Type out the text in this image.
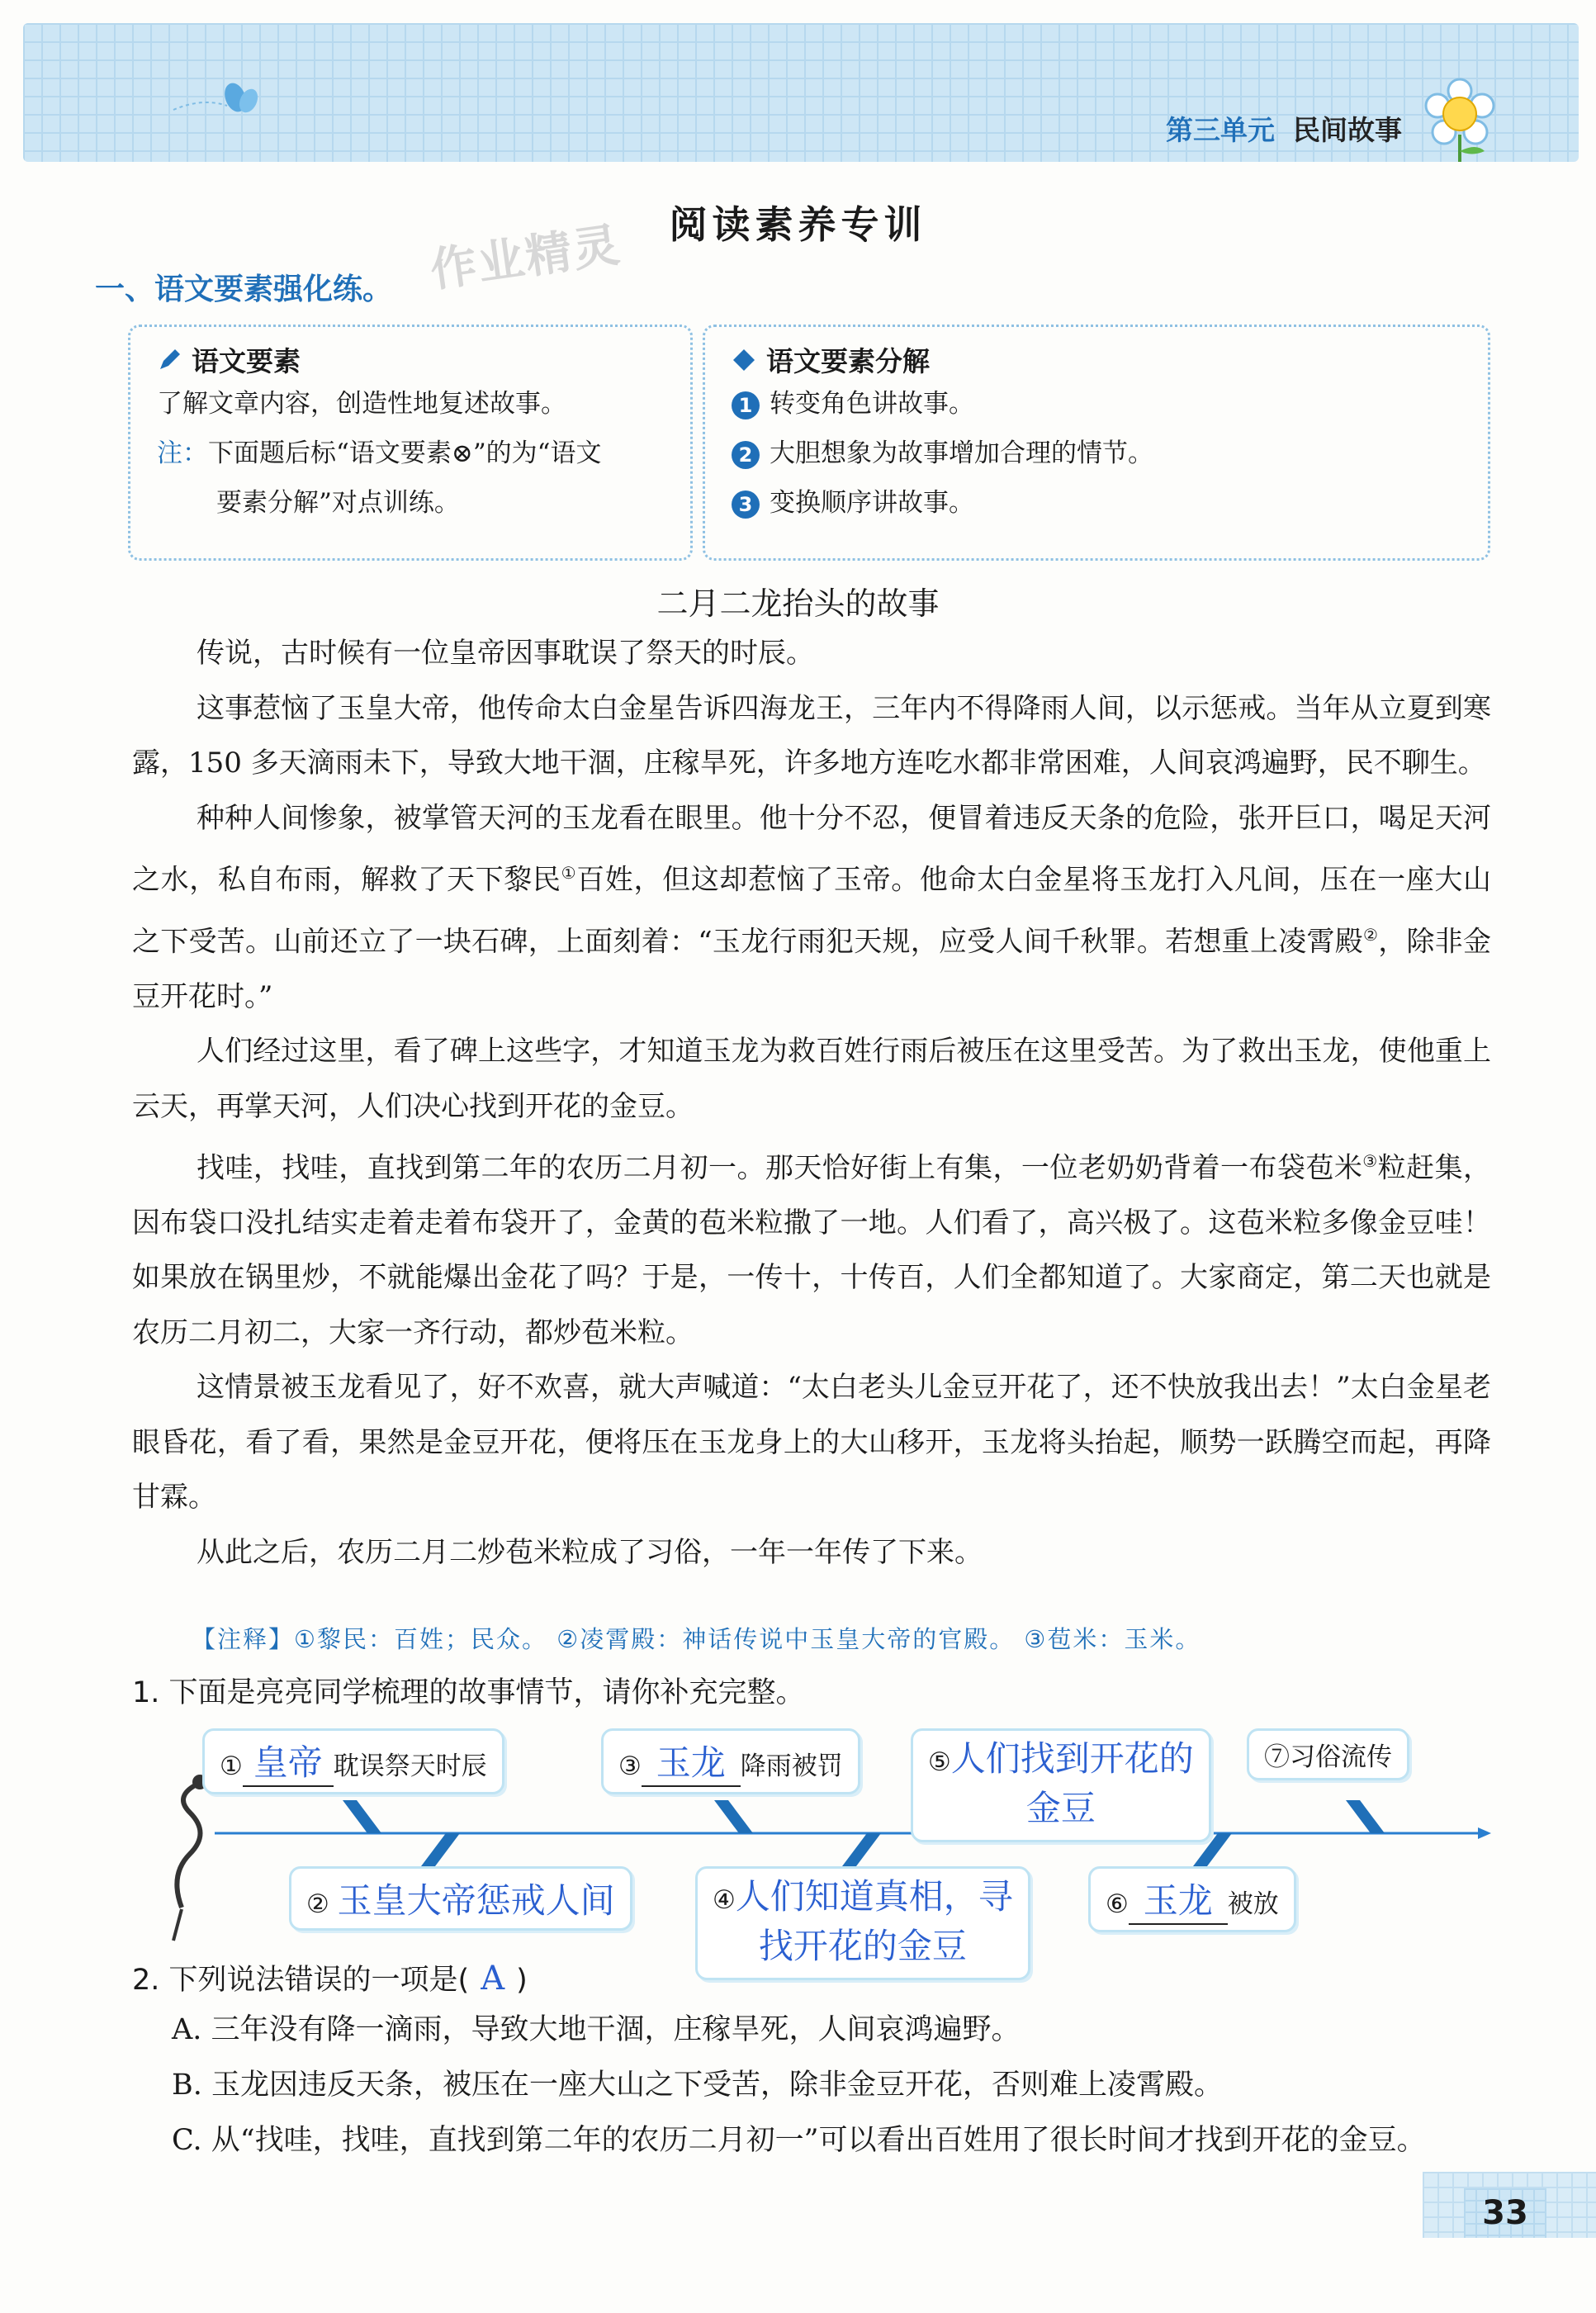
第三单元 民间故事
阅读素养专训
作业精灵
一、语文要素强化练。
语文要素
了解文章内容，创造性地复述故事。
注：下面题后标“语文要素⊗”的为“语文
要素分解”对点训练。
语文要素分解
1 转变角色讲故事。
2 大胆想象为故事增加合理的情节。
3 变换顺序讲故事。
二月二龙抬头的故事

传说，古时候有一位皇帝因事耽误了祭天的时辰。

这事惹恼了玉皇大帝，他传命太白金星告诉四海龙王，三年内不得降雨人间，以示惩戒。当年从立夏到寒露，150 多天滴雨未下，导致大地干涸，庄稼旱死，许多地方连吃水都非常困难，人间哀鸿遍野，民不聊生。

种种人间惨象，被掌管天河的玉龙看在眼里。他十分不忍，便冒着违反天条的危险，张开巨口，喝足天河之水，私自布雨，解救了天下黎民①百姓，但这却惹恼了玉帝。他命太白金星将玉龙打入凡间，压在一座大山之下受苦。山前还立了一块石碑，上面刻着：“玉龙行雨犯天规，应受人间千秋罪。若想重上凌霄殿②，除非金豆开花时。”

人们经过这里，看了碑上这些字，才知道玉龙为救百姓行雨后被压在这里受苦。为了救出玉龙，使他重上云天，再掌天河，人们决心找到开花的金豆。

找哇，找哇，直找到第二年的农历二月初一。那天恰好街上有集，一位老奶奶背着一布袋苞米③粒赶集，因布袋口没扎结实走着走着布袋开了，金黄的苞米粒撒了一地。人们看了，高兴极了。这苞米粒多像金豆哇！如果放在锅里炒，不就能爆出金花了吗？于是，一传十，十传百，人们全都知道了。大家商定，第二天也就是农历二月初二，大家一齐行动，都炒苞米粒。

这情景被玉龙看见了，好不欢喜，就大声喊道：“太白老头儿金豆开花了，还不快放我出去！”太白金星老眼昏花，看了看，果然是金豆开花，便将压在玉龙身上的大山移开，玉龙将头抬起，顺势一跃腾空而起，再降甘霖。

从此之后，农历二月二炒苞米粒成了习俗，一年一年传了下来。

【注释】①黎民：百姓；民众。 ②凌霄殿：神话传说中玉皇大帝的官殿。 ③苞米：玉米。
1. 下面是亮亮同学梳理的故事情节，请你补充完整。
① 皇帝 耽误祭天时辰
② 玉皇大帝惩戒人间
③ 玉龙 降雨被罚
④人们知道真相，寻
找开花的金豆
⑤人们找到开花的
金豆
⑥ 玉龙 被放
⑦习俗流传
2. 下列说法错误的一项是( A )
A. 三年没有降一滴雨，导致大地干涸，庄稼旱死，人间哀鸿遍野。
B. 玉龙因违反天条，被压在一座大山之下受苦，除非金豆开花，否则难上凌霄殿。
C. 从“找哇，找哇，直找到第二年的农历二月初一”可以看出百姓用了很长时间才找到开花的金豆。
33
